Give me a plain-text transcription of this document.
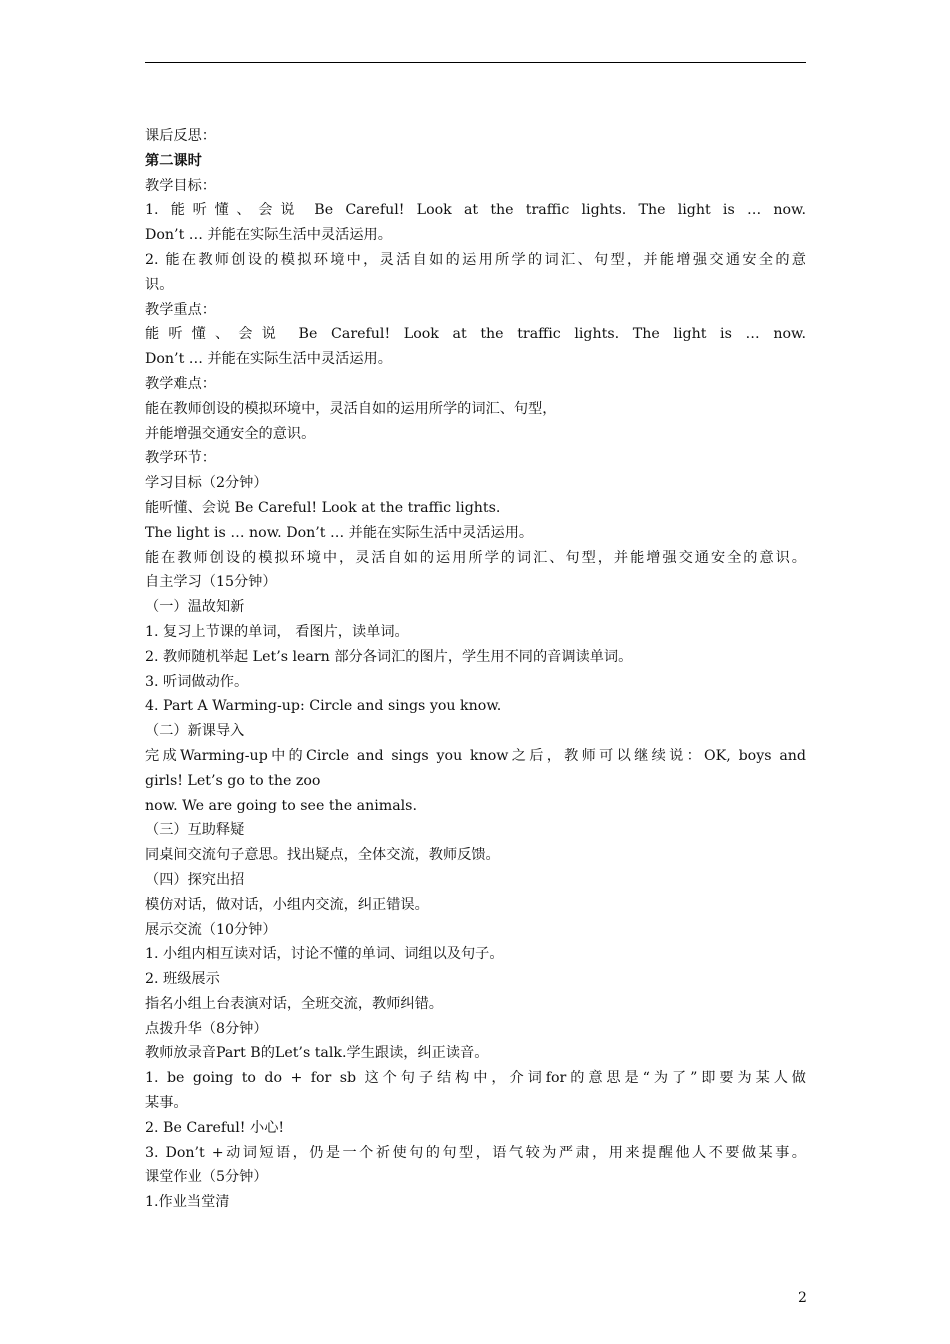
课后反思：
第二课时
教学目标：
1. 能听懂、会说 Be Careful! Look at the traffic lights. The light is … now.
Don’t … 并能在实际生活中灵活运用。
2. 能在教师创设的模拟环境中，灵活自如的运用所学的词汇、句型，并能增强交通安全的意
识。
教学重点：
能听懂、会说 Be Careful! Look at the traffic lights. The light is … now.
Don’t … 并能在实际生活中灵活运用。
教学难点：
能在教师创设的模拟环境中，灵活自如的运用所学的词汇、句型，
并能增强交通安全的意识。
教学环节：
学习目标（2分钟）
能听懂、会说 Be Careful! Look at the traffic lights.
The light is … now. Don’t … 并能在实际生活中灵活运用。
能在教师创设的模拟环境中，灵活自如的运用所学的词汇、句型，并能增强交通安全的意识。
自主学习（15分钟）
（一）温故知新
1. 复习上节课的单词， 看图片，读单词。
2. 教师随机举起 Let’s learn 部分各词汇的图片，学生用不同的音调读单词。
3. 听词做动作。
4. Part A Warming-up: Circle and sings you know.
（二）新课导入
完成Warming-up中的Circle and sings you know之后，教师可以继续说：OK, boys and
girls! Let’s go to the zoo
now. We are going to see the animals.
（三）互助释疑
同桌间交流句子意思。找出疑点，全体交流，教师反馈。
（四）探究出招
模仿对话，做对话，小组内交流，纠正错误。
展示交流（10分钟）
1. 小组内相互读对话，讨论不懂的单词、词组以及句子。
2. 班级展示
指名小组上台表演对话，全班交流，教师纠错。
点拨升华（8分钟）
教师放录音Part B的Let’s talk.学生跟读，纠正读音。
1. be going to do + for sb 这个句子结构中，介词for的意思是“为了”即要为某人做
某事。
2. Be Careful! 小心!
3. Don’t +动词短语，仍是一个祈使句的句型，语气较为严肃，用来提醒他人不要做某事。
课堂作业（5分钟）
1.作业当堂清
2
